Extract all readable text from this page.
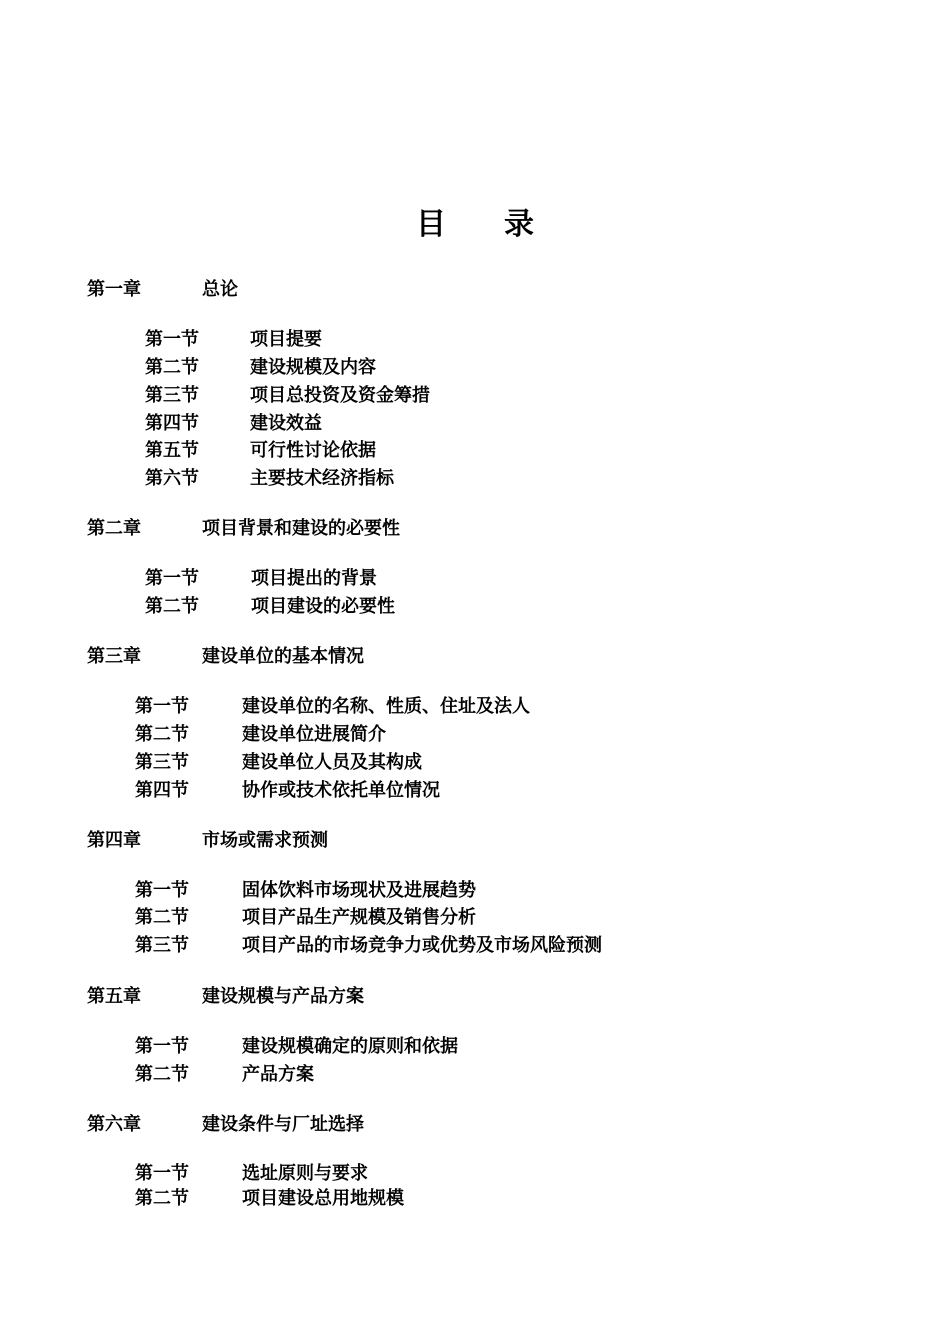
目 录
第一章	总论
第一节	项目提要
第二节	建设规模及内容
第三节	项目总投资及资金筹措
第四节	建设效益
第五节	可行性讨论依据
第六节	主要技术经济指标
第二章	项目背景和建设的必要性
第一节	项目提出的背景
第二节	项目建设的必要性
第三章	建设单位的基本情况
第一节	建设单位的名称、性质、住址及法人
第二节	建设单位进展简介
第三节	建设单位人员及其构成
第四节	协作或技术依托单位情况
第四章	市场或需求预测
第一节	固体饮料市场现状及进展趋势
第二节	项目产品生产规模及销售分析
第三节	项目产品的市场竞争力或优势及市场风险预测
第五章	建设规模与产品方案
第一节	建设规模确定的原则和依据
第二节	产品方案
第六章	建设条件与厂址选择
第一节	选址原则与要求
第二节	项目建设总用地规模
